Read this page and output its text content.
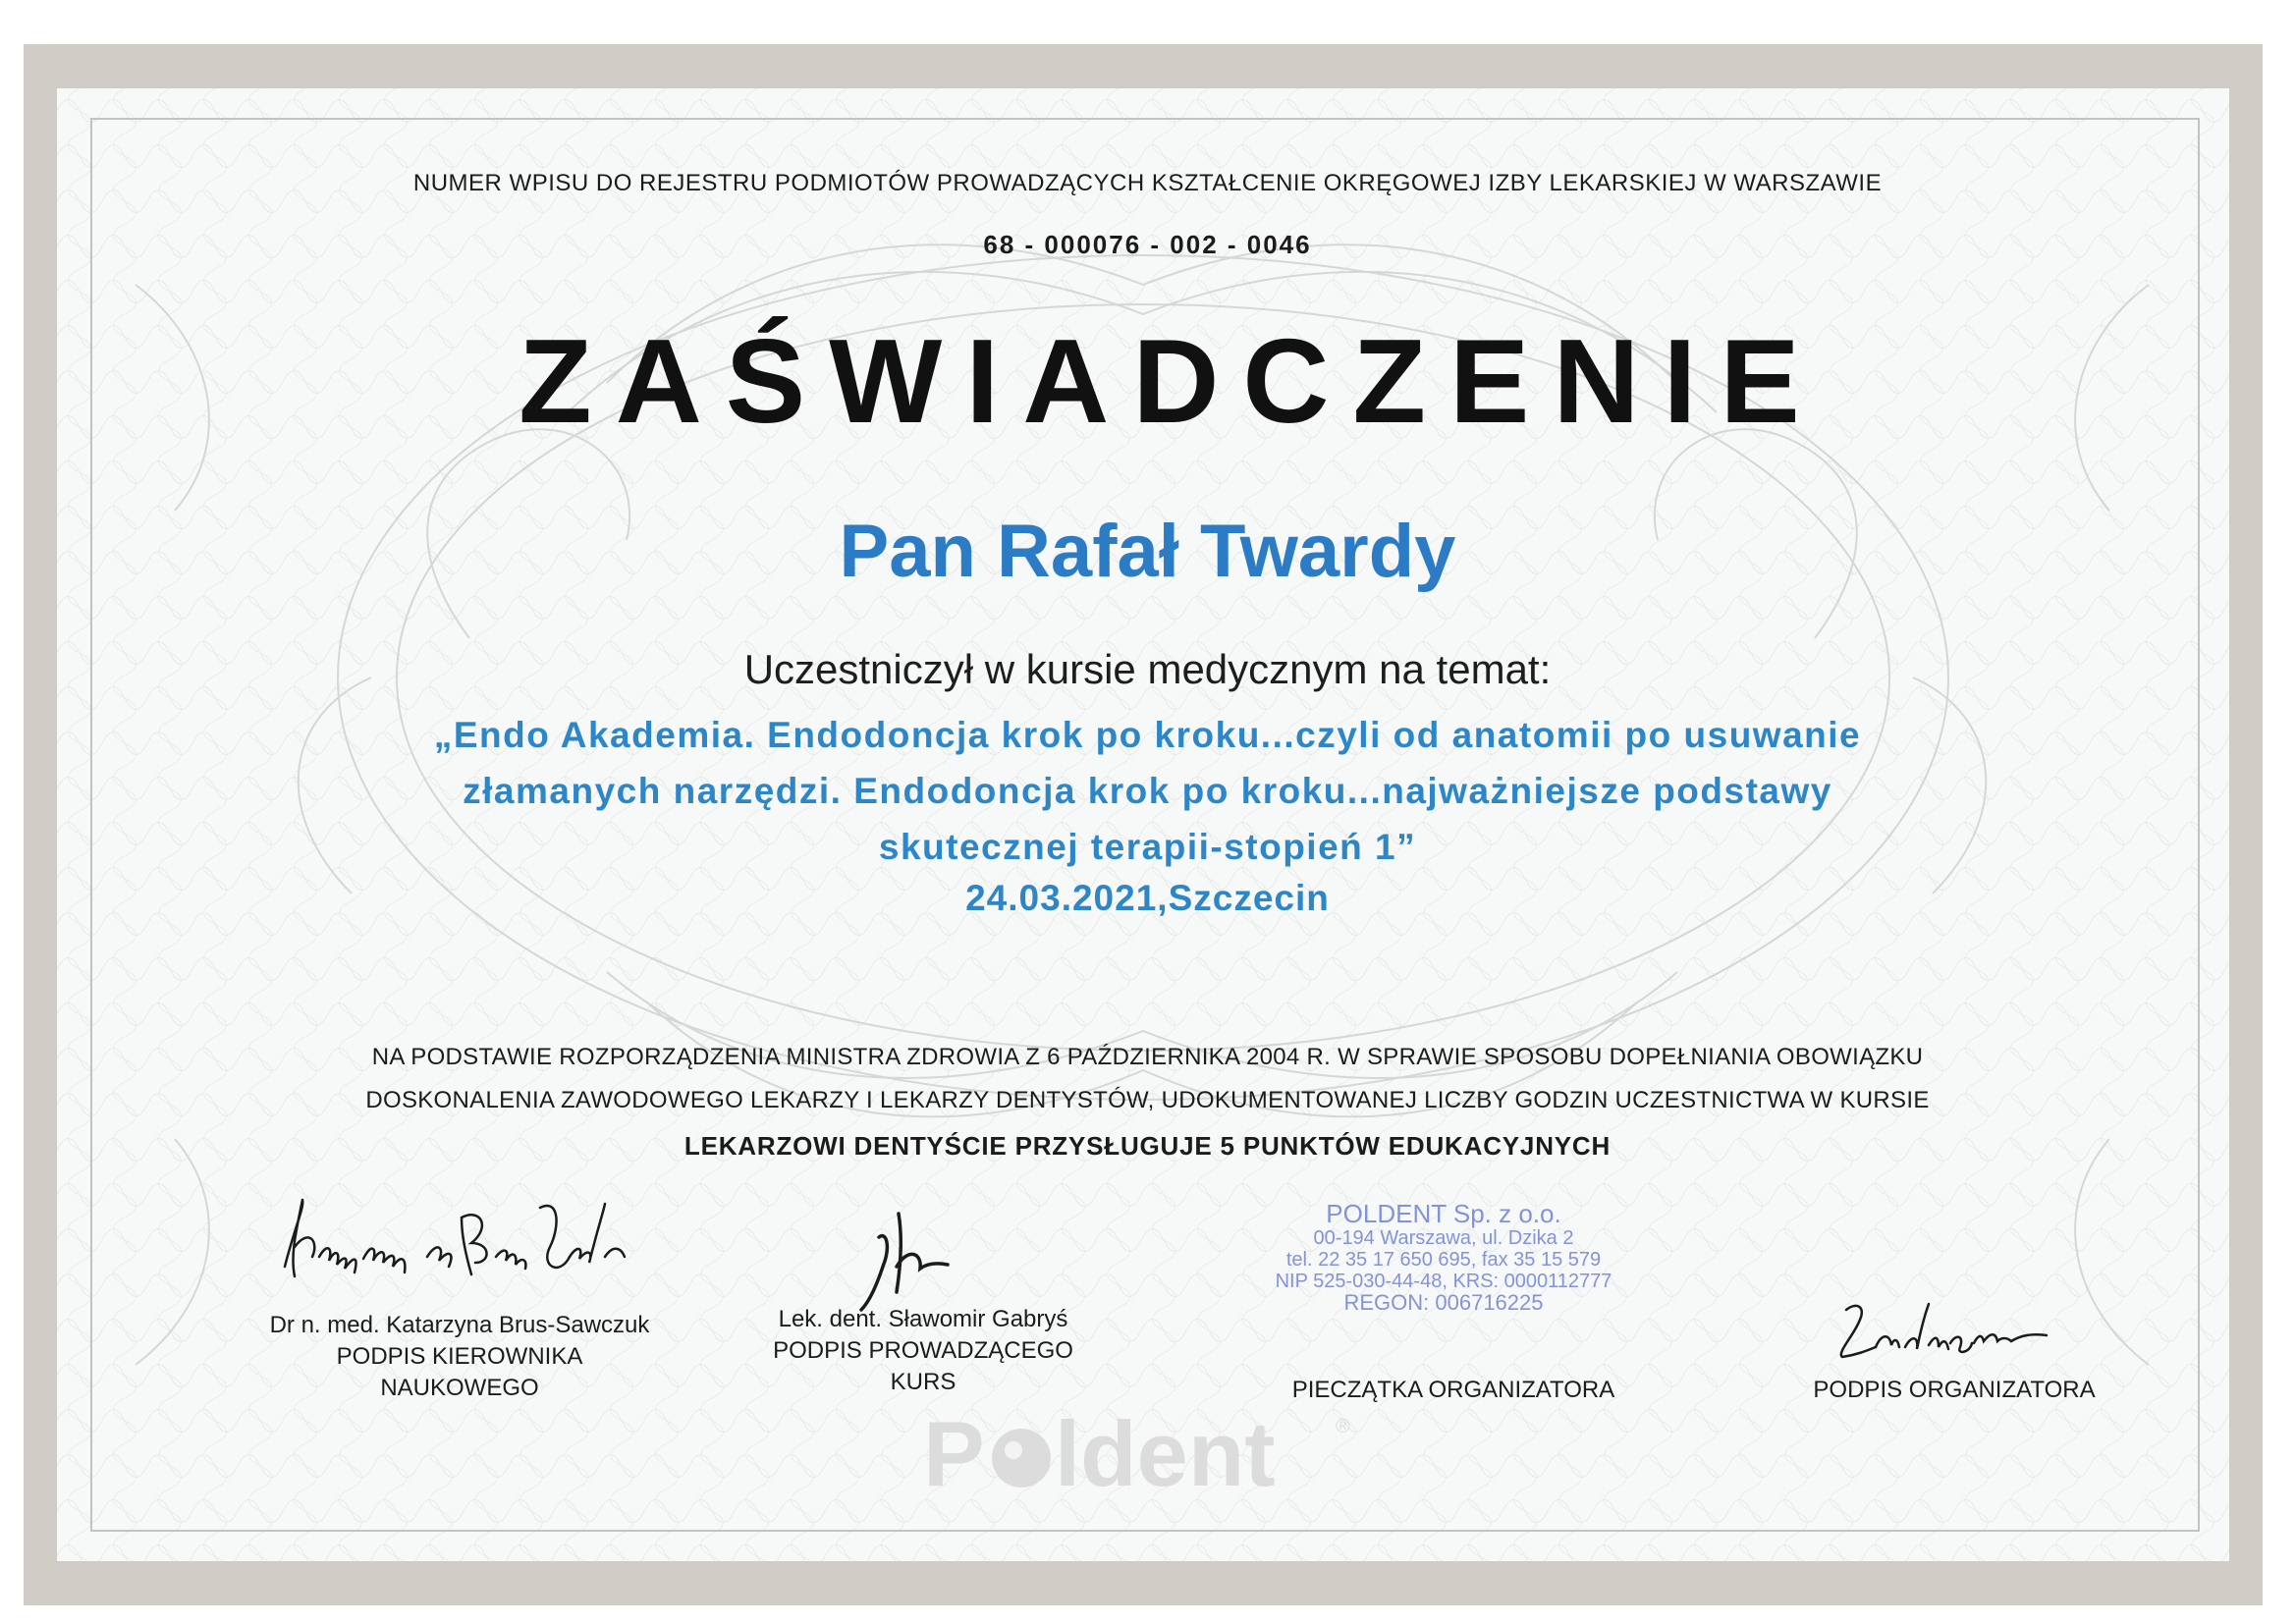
NUMER WPISU DO REJESTRU PODMIOTÓW PROWADZĄCYCH KSZTAŁCENIE OKRĘGOWEJ IZBY LEKARSKIEJ W WARSZAWIE
68 - 000076 - 002 - 0046
ZAŚWIADCZENIE
Pan Rafał Twardy
Uczestniczył w kursie medycznym na temat:
„Endo Akademia. Endodoncja krok po kroku...czyli od anatomii po usuwanie
złamanych narzędzi. Endodoncja krok po kroku...najważniejsze podstawy
skutecznej terapii-stopień 1”
24.03.2021,Szczecin
NA PODSTAWIE ROZPORZĄDZENIA MINISTRA ZDROWIA Z 6 PAŹDZIERNIKA 2004 R. W SPRAWIE SPOSOBU DOPEŁNIANIA OBOWIĄZKU
DOSKONALENIA ZAWODOWEGO LEKARZY I LEKARZY DENTYSTÓW, UDOKUMENTOWANEJ LICZBY GODZIN UCZESTNICTWA W KURSIE
LEKARZOWI DENTYŚCIE PRZYSŁUGUJE 5 PUNKTÓW EDUKACYJNYCH
Dr n. med. Katarzyna Brus-Sawczuk
PODPIS KIEROWNIKA
NAUKOWEGO
Lek. dent. Sławomir Gabryś
PODPIS PROWADZĄCEGO
KURS
POLDENT Sp. z o.o.
00-194 Warszawa, ul. Dzika 2
tel. 22 35 17 650 695, fax 35 15 579
NIP 525-030-44-48, KRS: 0000112777
REGON: 006716225
PIECZĄTKA ORGANIZATORA	PODPIS ORGANIZATORA
P ldent	®
